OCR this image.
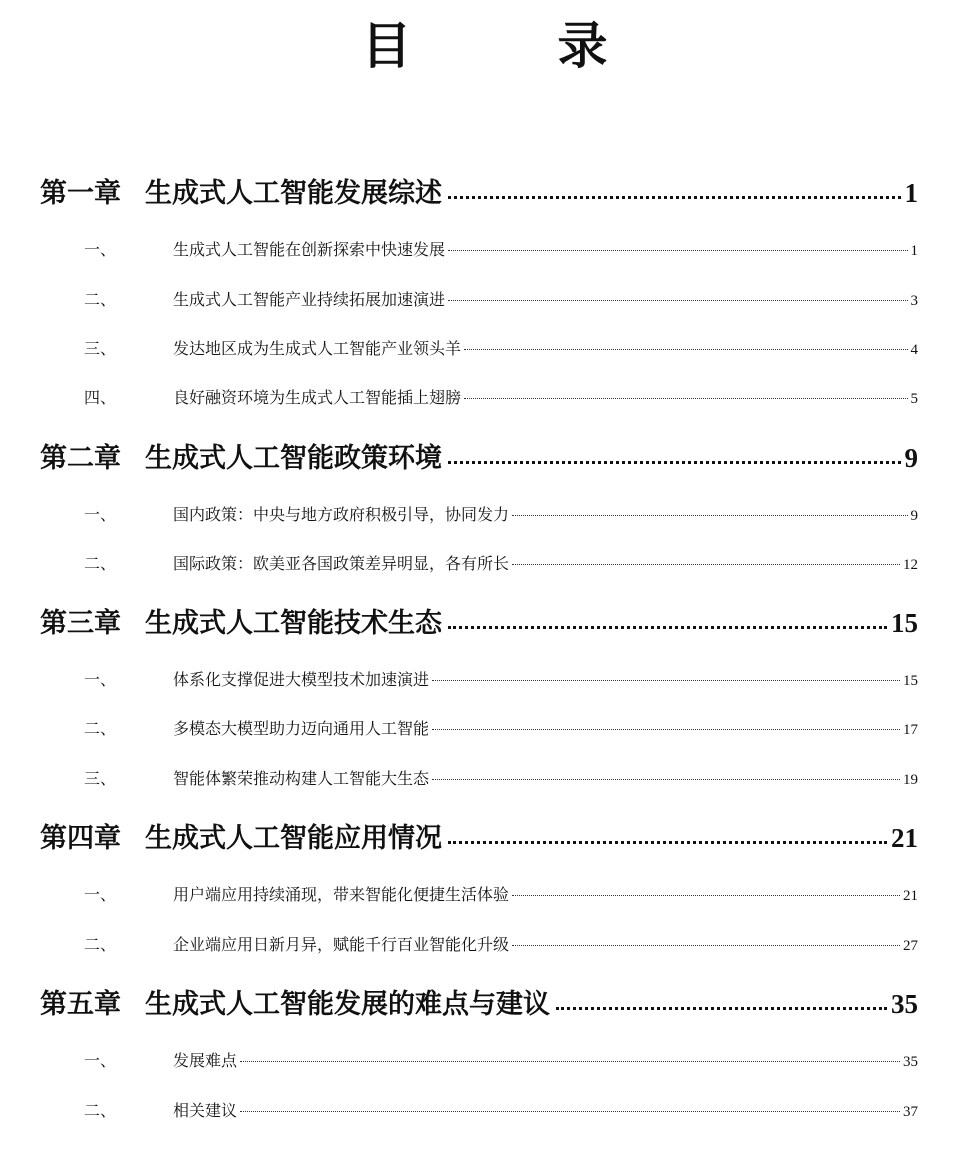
目　录
第一章 生成式人工智能发展综述	1
一、	生成式人工智能在创新探索中快速发展	1
二、	生成式人工智能产业持续拓展加速演进	3
三、	发达地区成为生成式人工智能产业领头羊	4
四、	良好融资环境为生成式人工智能插上翅膀	5
第二章 生成式人工智能政策环境	9
一、	国内政策：中央与地方政府积极引导，协同发力	9
二、	国际政策：欧美亚各国政策差异明显，各有所长	12
第三章 生成式人工智能技术生态	15
一、	体系化支撑促进大模型技术加速演进	15
二、	多模态大模型助力迈向通用人工智能	17
三、	智能体繁荣推动构建人工智能大生态	19
第四章 生成式人工智能应用情况	21
一、	用户端应用持续涌现，带来智能化便捷生活体验	21
二、	企业端应用日新月异，赋能千行百业智能化升级	27
第五章 生成式人工智能发展的难点与建议	35
一、	发展难点	35
二、	相关建议	37
